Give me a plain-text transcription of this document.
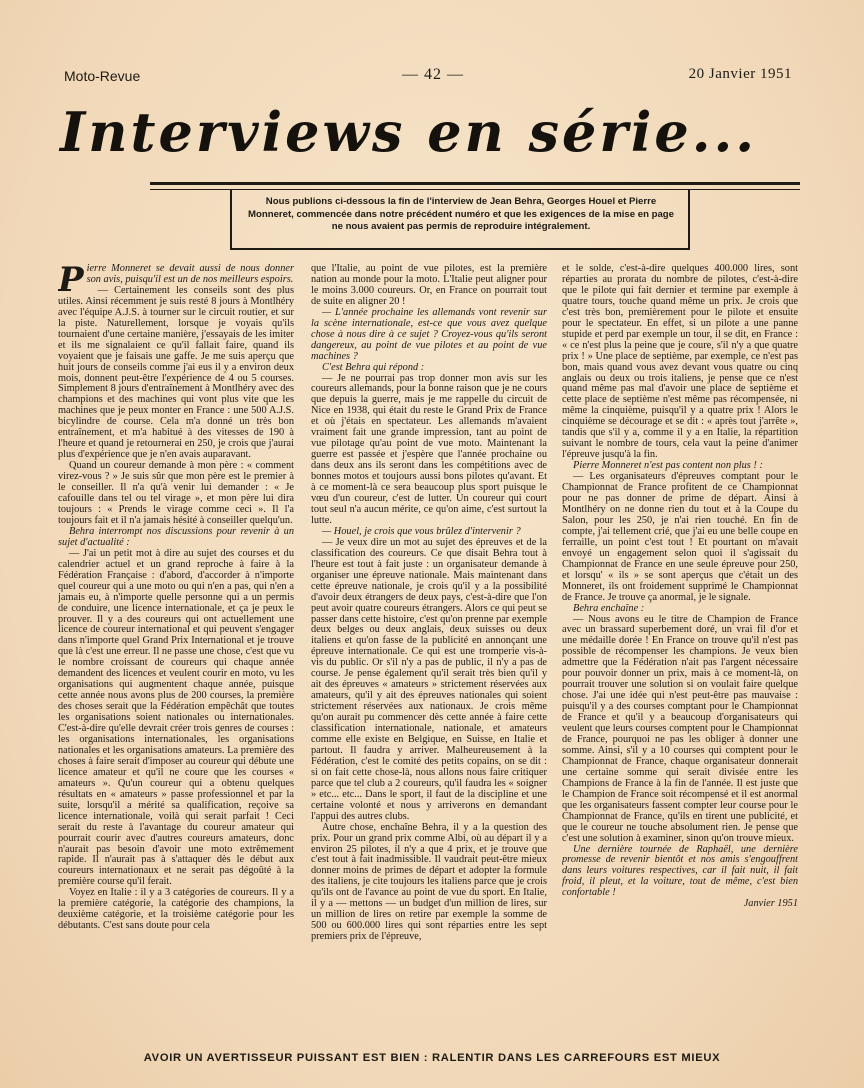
Moto-Revue	— 42 —	20 Janvier 1951
Interviews en série...
Nous publions ci-dessous la fin de l'interview de Jean Behra, Georges Houel et Pierre Monneret, commencée dans notre précédent numéro et que les exigences de la mise en page ne nous avaient pas permis de reproduire intégralement.

Pierre Monneret se devait aussi de nous donner son avis, puisqu'il est un de nos meilleurs espoirs.

— Certainement les conseils sont des plus utiles. Ainsi récemment je suis resté 8 jours à Montlhéry avec l'équipe A.J.S. à tourner sur le circuit routier, et sur la piste. Naturellement, lorsque je voyais qu'ils tournaient d'une certaine manière, j'essayais de les imiter et ils me signalaient ce qu'il fallait faire, quand ils voyaient que je faisais une gaffe. Je me suis aperçu que huit jours de conseils comme j'ai eus il y a environ deux mois, donnent peut-être l'expérience de 4 ou 5 courses. Simplement 8 jours d'entraînement à Montlhéry avec des champions et des machines qui vont plus vite que les machines que je peux monter en France : une 500 A.J.S. bicylindre de course. Cela m'a donné un très bon entraînement, et m'a habitué à des vitesses de 190 à l'heure et quand je retournerai en 250, je crois que j'aurai plus d'expérience que je n'en avais auparavant.

Quand un coureur demande à mon père : « comment virez-vous ? » Je suis sûr que mon père est le premier à le conseiller. Il n'a qu'à venir lui demander : « Je cafouille dans tel ou tel virage », et mon père lui dira toujours : « Prends le virage comme ceci ». Il l'a toujours fait et il n'a jamais hésité à conseiller quelqu'un.

Behra interrompt nos discussions pour revenir à un sujet d'actualité :

— J'ai un petit mot à dire au sujet des courses et du calendrier actuel et un grand reproche à faire à la Fédération Française : d'abord, d'accorder à n'importe quel coureur qui a une moto ou qui n'en a pas, qui n'en a jamais eu, à n'importe quelle personne qui a un permis de conduire, une licence internationale, et ça je peux le prouver. Il y a des coureurs qui ont actuellement une licence de coureur international et qui peuvent s'engager dans n'importe quel Grand Prix International et je trouve que là c'est une erreur. Il ne passe une chose, c'est que vu le nombre croissant de coureurs qui chaque année demandent des licences et veulent courir en moto, vu les organisations qui augmentent chaque année, puisque cette année nous avons plus de 200 courses, la première des choses serait que la Fédération empêchât que toutes les organisations soient nationales ou internationales. C'est-à-dire qu'elle devrait créer trois genres de courses : les organisations internationales, les organisations nationales et les organisations amateurs. La première des choses à faire serait d'imposer au coureur qui débute une licence amateur et qu'il ne coure que les courses « amateurs ». Qu'un coureur qui a obtenu quelques résultats en « amateurs » passe professionnel et par la suite, lorsqu'il a mérité sa qualification, reçoive sa licence internationale, voilà qui serait parfait ! Ceci serait du reste à l'avantage du coureur amateur qui pourrait courir avec d'autres coureurs amateurs, donc n'aurait pas besoin d'avoir une moto extrêmement rapide. Il n'aurait pas à s'attaquer dès le début aux coureurs internationaux et ne serait pas dégoûté à la première course qu'il ferait.

Voyez en Italie : il y a 3 catégories de coureurs. Il y a la première catégorie, la catégorie des champions, la deuxième catégorie, et la troisième catégorie pour les débutants. C'est sans doute pour cela

que l'Italie, au point de vue pilotes, est la première nation au monde pour la moto. L'Italie peut aligner pour le moins 3.000 coureurs. Or, en France on pourrait tout de suite en aligner 20 !

— L'année prochaine les allemands vont revenir sur la scène internationale, est-ce que vous avez quelque chose à nous dire à ce sujet ? Croyez-vous qu'ils seront dangereux, au point de vue pilotes et au point de vue machines ?

C'est Behra qui répond :

— Je ne pourrai pas trop donner mon avis sur les coureurs allemands, pour la bonne raison que je ne cours que depuis la guerre, mais je me rappelle du circuit de Nice en 1938, qui était du reste le Grand Prix de France et où j'étais en spectateur. Les allemands m'avaient vraiment fait une grande impression, tant au point de vue pilotage qu'au point de vue moto. Maintenant la guerre est passée et j'espère que l'année prochaine ou dans deux ans ils seront dans les compétitions avec de bonnes motos et toujours aussi bons pilotes qu'avant. Et à ce moment-là ce sera beaucoup plus sport puisque le vœu d'un coureur, c'est de lutter. Un coureur qui court tout seul n'a aucun mérite, ce qu'on aime, c'est surtout la lutte.

— Houel, je crois que vous brûlez d'intervenir ?

— Je veux dire un mot au sujet des épreuves et de la classification des coureurs. Ce que disait Behra tout à l'heure est tout à fait juste : un organisateur demande à organiser une épreuve nationale. Mais maintenant dans cette épreuve nationale, je crois qu'il y a la possibilité d'avoir deux étrangers de deux pays, c'est-à-dire que l'on peut avoir quatre coureurs étrangers. Alors ce qui peut se passer dans cette histoire, c'est qu'on prenne par exemple deux belges ou deux anglais, deux suisses ou deux italiens et qu'on fasse de la publicité en annonçant une épreuve internationale. Ce qui est une tromperie vis-à-vis du public. Or s'il n'y a pas de public, il n'y a pas de course. Je pense également qu'il serait très bien qu'il y ait des épreuves « amateurs » strictement réservées aux amateurs, qu'il y ait des épreuves nationales qui soient strictement réservées aux nationaux. Je crois même qu'on aurait pu commencer dès cette année à faire cette classification internationale, nationale, et amateurs comme elle existe en Belgique, en Suisse, en Italie et partout. Il faudra y arriver. Malheureusement à la Fédération, c'est le comité des petits copains, on se dit : si on fait cette chose-là, nous allons nous faire critiquer parce que tel club a 2 coureurs, qu'il faudra les « soigner » etc... etc... Dans le sport, il faut de la discipline et une certaine volonté et nous y arriverons en demandant l'appui des autres clubs.

Autre chose, enchaîne Behra, il y a la question des prix. Pour un grand prix comme Albi, où au départ il y a environ 25 pilotes, il n'y a que 4 prix, et je trouve que c'est tout à fait inadmissible. Il vaudrait peut-être mieux donner moins de primes de départ et adopter la formule des italiens, je cite toujours les italiens parce que je crois qu'ils ont de l'avance au point de vue du sport. En Italie, il y a — mettons — un budget d'un million de lires, sur un million de lires on retire par exemple la somme de 500 ou 600.000 lires qui sont réparties entre les sept premiers prix de l'épreuve,

et le solde, c'est-à-dire quelques 400.000 lires, sont réparties au prorata du nombre de pilotes, c'est-à-dire que le pilote qui fait dernier et termine par exemple à quatre tours, touche quand même un prix. Je crois que c'est très bon, premièrement pour le pilote et ensuite pour le spectateur. En effet, si un pilote a une panne stupide et perd par exemple un tour, il se dit, en France : « ce n'est plus la peine que je coure, s'il n'y a que quatre prix ! » Une place de septième, par exemple, ce n'est pas bon, mais quand vous avez devant vous quatre ou cinq anglais ou deux ou trois italiens, je pense que ce n'est quand même pas mal d'avoir une place de septième et cette place de septième n'est même pas récompensée, ni même la cinquième, puisqu'il y a quatre prix ! Alors le cinquième se décourage et se dit : « après tout j'arrête », tandis que s'il y a, comme il y a en Italie, la répartition suivant le nombre de tours, cela vaut la peine d'animer l'épreuve jusqu'à la fin.

Pierre Monneret n'est pas content non plus ! :

— Les organisateurs d'épreuves comptant pour le Championnat de France profitent de ce Championnat pour ne pas donner de prime de départ. Ainsi à Montlhéry on ne donne rien du tout et à la Coupe du Salon, pour les 250, je n'ai rien touché. En fin de compte, j'ai tellement crié, que j'ai eu une belle coupe en ferraille, un point c'est tout ! Et pourtant on m'avait envoyé un engagement selon quoi il s'agissait du Championnat de France en une seule épreuve pour 250, et lorsqu' « ils » se sont aperçus que c'était un des Monneret, ils ont froidement supprimé le Championnat de France. Je trouve ça anormal, je le signale.

Behra enchaîne :

— Nous avons eu le titre de Champion de France avec un brassard superbement doré, un vrai fil d'or et une médaille dorée ! En France on trouve qu'il n'est pas possible de récompenser les champions. Je veux bien admettre que la Fédération n'ait pas l'argent nécessaire pour pouvoir donner un prix, mais à ce moment-là, on pourrait trouver une solution si on voulait faire quelque chose. J'ai une idée qui n'est peut-être pas mauvaise : puisqu'il y a des courses comptant pour le Championnat de France et qu'il y a beaucoup d'organisateurs qui veulent que leurs courses comptent pour le Championnat de France, pourquoi ne pas les obliger à donner une somme. Ainsi, s'il y a 10 courses qui comptent pour le Championnat de France, chaque organisateur donnerait une certaine somme qui serait divisée entre les Champions de France à la fin de l'année. Il est juste que le Champion de France soit récompensé et il est anormal que les organisateurs fassent compter leur course pour le Championnat de France, qu'ils en tirent une publicité, et que le coureur ne touche absolument rien. Je pense que c'est une solution à examiner, sinon qu'on trouve mieux.

Une dernière tournée de Raphaël, une dernière promesse de revenir bientôt et nos amis s'engouffrent dans leurs voitures respectives, car il fait nuit, il fait froid, il pleut, et la voiture, tout de même, c'est bien confortable !

Janvier 1951

AVOIR UN AVERTISSEUR PUISSANT EST BIEN : RALENTIR DANS LES CARREFOURS EST MIEUX
